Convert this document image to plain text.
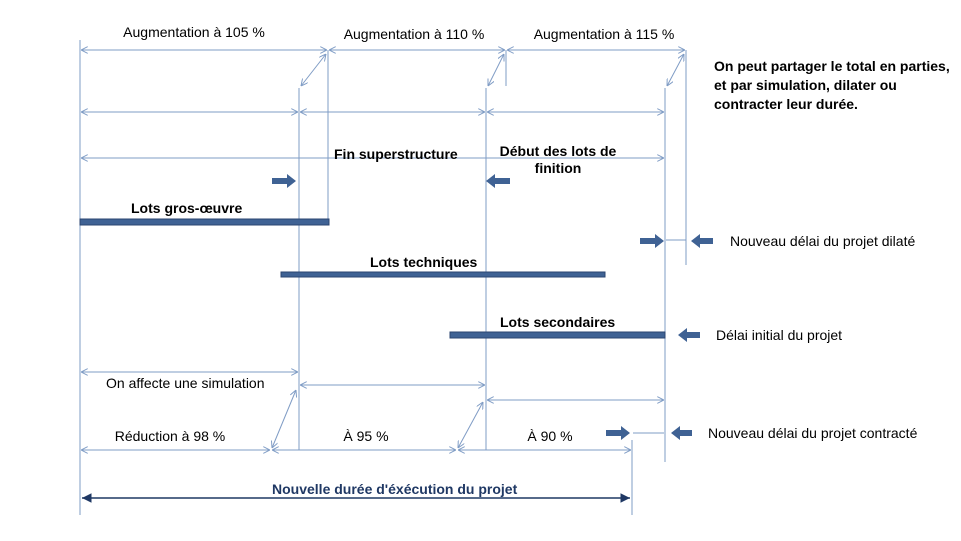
Augmentation à 105 %	Augmentation à 110 %	Augmentation à 115 %
On peut partager le total en parties, et par simulation, dilater ou contracter leur durée.
Fin superstructure	Début des lots de finition
Lots gros-œuvre
Lots techniques
Lots secondaires
Nouveau délai du projet dilaté
Délai initial du projet
Nouveau délai du projet contracté
On affecte une simulation
Réduction à 98 %	À 95 %	À 90 %
Nouvelle durée d'éxécution du projet
